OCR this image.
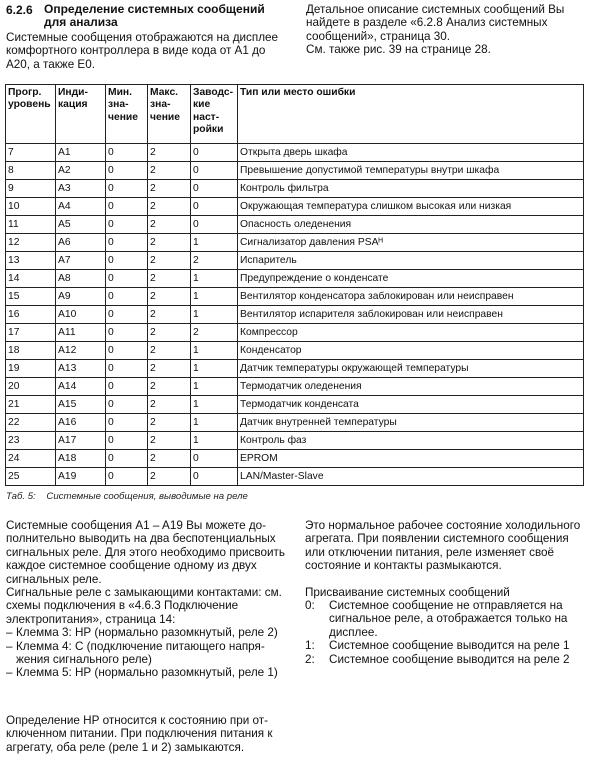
6.2.6 Определение системных сообщений для анализа
Системные сообщения отображаются на дисплее комфортного контроллера в виде кода от A1 до A20, а также E0.
Детальное описание системных сообщений Вы найдете в разделе «6.2.8 Анализ системных сообщений», страница 30.
См. также рис. 39 на странице 28.
Прогр. уровень	Индикация	Мин. значение	Макс. значение	Заводские настройки	Тип или место ошибки
7	A1	0	2	0	Открыта дверь шкафа
8	A2	0	2	0	Превышение допустимой температуры внутри шкафа
9	A3	0	2	0	Контроль фильтра
10	A4	0	2	0	Окружающая температура слишком высокая или низкая
11	A5	0	2	0	Опасность оледенения
12	A6	0	2	1	Сигнализатор давления PSAᴴ
13	A7	0	2	2	Испаритель
14	A8	0	2	1	Предупреждение о конденсате
15	A9	0	2	1	Вентилятор конденсатора заблокирован или неисправен
16	A10	0	2	1	Вентилятор испарителя заблокирован или неисправен
17	A11	0	2	2	Компрессор
18	A12	0	2	1	Конденсатор
19	A13	0	2	1	Датчик температуры окружающей температуры
20	A14	0	2	1	Термодатчик оледенения
21	A15	0	2	1	Термодатчик конденсата
22	A16	0	2	1	Датчик внутренней температуры
23	A17	0	2	1	Контроль фаз
24	A18	0	2	0	EPROM
25	A19	0	2	0	LAN/Master-Slave
Таб. 5: Системные сообщения, выводимые на реле

Системные сообщения A1 – A19 Вы можете дополнительно выводить на два беспотенциальных сигнальных реле. Для этого необходимо присвоить каждое системное сообщение одному из двух сигнальных реле.

Сигнальные реле с замыкающими контактами: см. схемы подключения в «4.6.3 Подключение электропитания», страница 14:

– Клемма 3: НР (нормально разомкнутый, реле 2)
– Клемма 4: С (подключение питающего напряжения сигнального реле)
– Клемма 5: НР (нормально разомкнутый, реле 1)
Определение НР относится к состоянию при отключенном питании. При подключения питания к агрегату, оба реле (реле 1 и 2) замыкаются.

Это нормальное рабочее состояние холодильного агрегата. При появлении системного сообщения или отключении питания, реле изменяет своё состояние и контакты размыкаются.

Присваивание системных сообщений

0: Системное сообщение не отправляется на сигнальное реле, а отображается только на дисплее.
1: Системное сообщение выводится на реле 1
2: Системное сообщение выводится на реле 2
